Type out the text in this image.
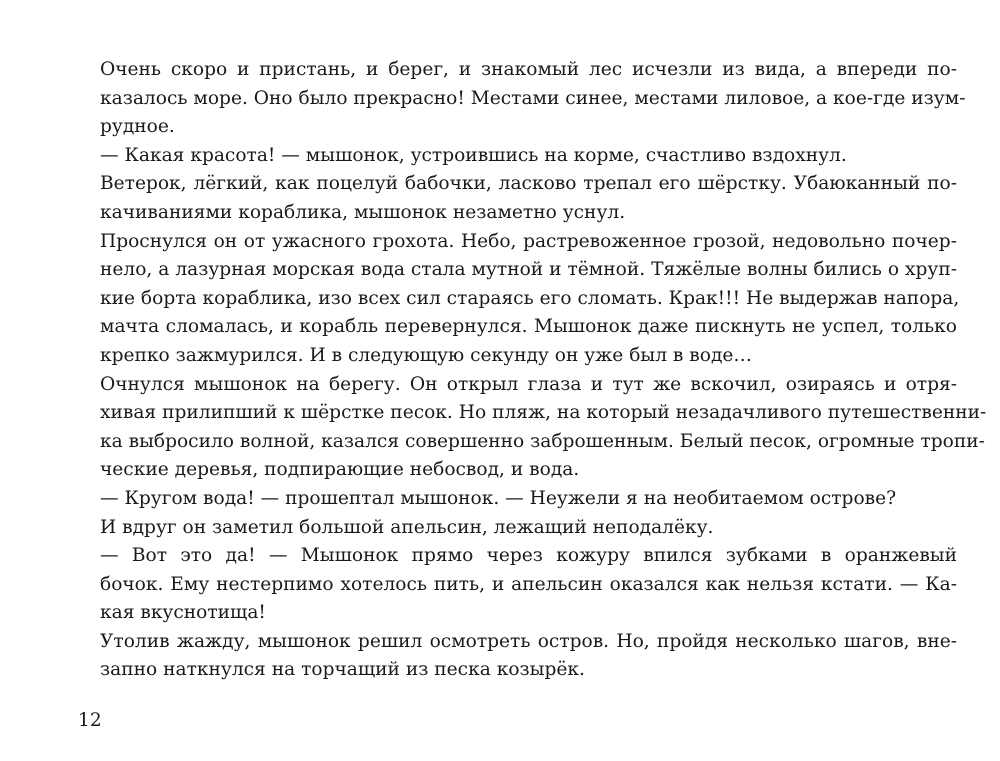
Очень скоро и пристань, и берег, и знакомый лес исчезли из вида, а впереди по-
казалось море. Оно было прекрасно! Местами синее, местами лиловое, а кое-где изум-
рудное.
— Какая красота! — мышонок, устроившись на корме, счастливо вздохнул.
Ветерок, лёгкий, как поцелуй бабочки, ласково трепал его шёрстку. Убаюканный по-
качиваниями кораблика, мышонок незаметно уснул.
Проснулся он от ужасного грохота. Небо, растревоженное грозой, недовольно почер-
нело, а лазурная морская вода стала мутной и тёмной. Тяжёлые волны бились о хруп-
кие борта кораблика, изо всех сил стараясь его сломать. Крак!!! Не выдержав напора,
мачта сломалась, и корабль перевернулся. Мышонок даже пискнуть не успел, только
крепко зажмурился. И в следующую секунду он уже был в воде…
Очнулся мышонок на берегу. Он открыл глаза и тут же вскочил, озираясь и отря-
хивая прилипший к шёрстке песок. Но пляж, на который незадачливого путешественни-
ка выбросило волной, казался совершенно заброшенным. Белый песок, огромные тропи-
ческие деревья, подпирающие небосвод, и вода.
— Кругом вода! — прошептал мышонок. — Неужели я на необитаемом острове?
И вдруг он заметил большой апельсин, лежащий неподалёку.
— Вот это да! — Мышонок прямо через кожуру впился зубками в оранжевый
бочок. Ему нестерпимо хотелось пить, и апельсин оказался как нельзя кстати. — Ка-
кая вкуснотища!
Утолив жажду, мышонок решил осмотреть остров. Но, пройдя несколько шагов, вне-
запно наткнулся на торчащий из песка козырёк.
12
